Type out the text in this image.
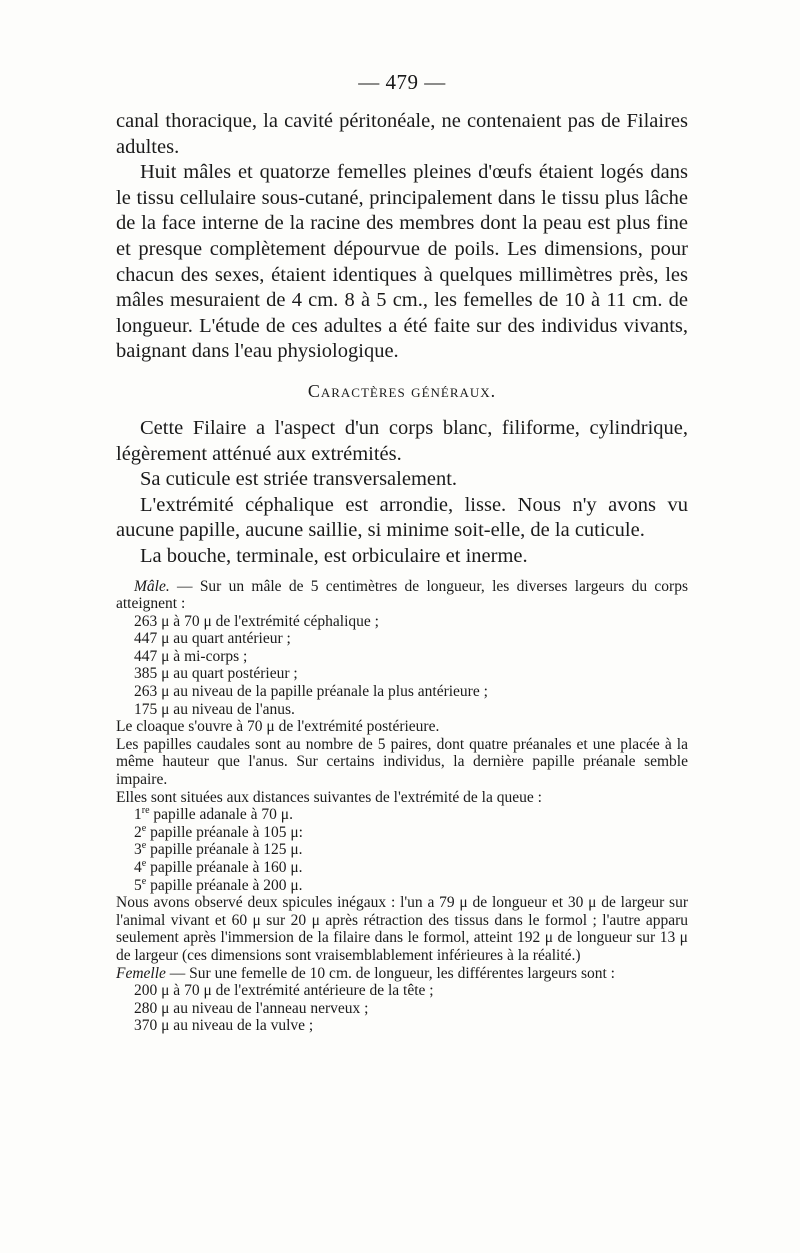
— 479 —

canal thoracique, la cavité péritonéale, ne contenaient pas de Filaires adultes.

Huit mâles et quatorze femelles pleines d'œufs étaient logés dans le tissu cellulaire sous-cutané, principalement dans le tissu plus lâche de la face interne de la racine des membres dont la peau est plus fine et presque complètement dépourvue de poils. Les dimensions, pour chacun des sexes, étaient identiques à quelques millimètres près, les mâles mesuraient de 4 cm. 8 à 5 cm., les femelles de 10 à 11 cm. de longueur. L'étude de ces adultes a été faite sur des individus vivants, baignant dans l'eau physiologique.

Caractères généraux.

Cette Filaire a l'aspect d'un corps blanc, filiforme, cylindrique, légèrement atténué aux extrémités.

Sa cuticule est striée transversalement.

L'extrémité céphalique est arrondie, lisse. Nous n'y avons vu aucune papille, aucune saillie, si minime soit-elle, de la cuticule.

La bouche, terminale, est orbiculaire et inerme.

Mâle. — Sur un mâle de 5 centimètres de longueur, les diverses largeurs du corps atteignent :

263 μ à 70 μ de l'extrémité céphalique ;

447 μ au quart antérieur ;

447 μ à mi-corps ;

385 μ au quart postérieur ;

263 μ au niveau de la papille préanale la plus antérieure ;

175 μ au niveau de l'anus.

Le cloaque s'ouvre à 70 μ de l'extrémité postérieure.

Les papilles caudales sont au nombre de 5 paires, dont quatre préanales et une placée à la même hauteur que l'anus. Sur certains individus, la dernière papille préanale semble impaire.

Elles sont situées aux distances suivantes de l'extrémité de la queue :

1re papille adanale à 70 μ.

2e papille préanale à 105 μ:

3e papille préanale à 125 μ.

4e papille préanale à 160 μ.

5e papille préanale à 200 μ.

Nous avons observé deux spicules inégaux : l'un a 79 μ de longueur et 30 μ de largeur sur l'animal vivant et 60 μ sur 20 μ après rétraction des tissus dans le formol ; l'autre apparu seulement après l'immersion de la filaire dans le formol, atteint 192 μ de longueur sur 13 μ de largeur (ces dimensions sont vraisemblablement inférieures à la réalité.)

Femelle — Sur une femelle de 10 cm. de longueur, les différentes largeurs sont :

200 μ à 70 μ de l'extrémité antérieure de la tête ;

280 μ au niveau de l'anneau nerveux ;

370 μ au niveau de la vulve ;
